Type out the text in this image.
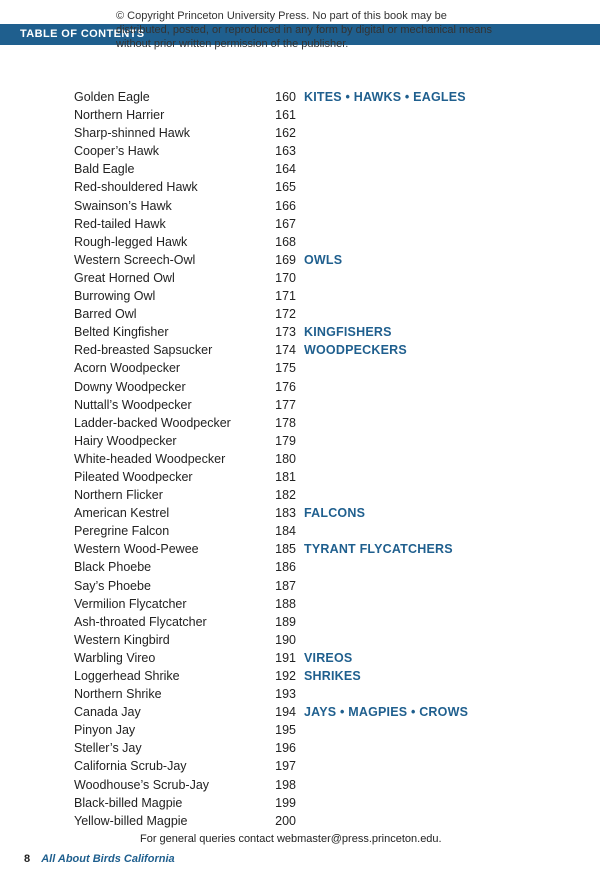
TABLE OF CONTENTS
© Copyright Princeton University Press. No part of this book may be distributed, posted, or reproduced in any form by digital or mechanical means without prior written permission of the publisher.
Golden Eagle	160 KITES • HAWKS • EAGLES
Northern Harrier	161
Sharp-shinned Hawk	162
Cooper’s Hawk	163
Bald Eagle	164
Red-shouldered Hawk	165
Swainson’s Hawk	166
Red-tailed Hawk	167
Rough-legged Hawk	168
Western Screech-Owl	169 OWLS
Great Horned Owl	170
Burrowing Owl	171
Barred Owl	172
Belted Kingfisher	173 KINGFISHERS
Red-breasted Sapsucker	174 WOODPECKERS
Acorn Woodpecker	175
Downy Woodpecker	176
Nuttall’s Woodpecker	177
Ladder-backed Woodpecker	178
Hairy Woodpecker	179
White-headed Woodpecker	180
Pileated Woodpecker	181
Northern Flicker	182
American Kestrel	183 FALCONS
Peregrine Falcon	184
Western Wood-Pewee	185 TYRANT FLYCATCHERS
Black Phoebe	186
Say’s Phoebe	187
Vermilion Flycatcher	188
Ash-throated Flycatcher	189
Western Kingbird	190
Warbling Vireo	191 VIREOS
Loggerhead Shrike	192 SHRIKES
Northern Shrike	193
Canada Jay	194 JAYS • MAGPIES • CROWS
Pinyon Jay	195
Steller’s Jay	196
California Scrub-Jay	197
Woodhouse’s Scrub-Jay	198
Black-billed Magpie	199
Yellow-billed Magpie	200
For general queries contact webmaster@press.princeton.edu.
8 All About Birds California
